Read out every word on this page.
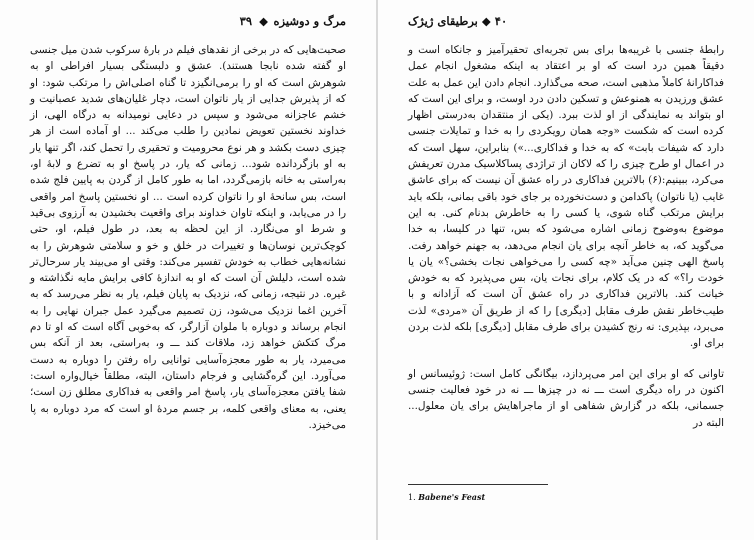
مرگ و دوشیزه
◆
۳۹

صحبت‌هایی که در برخی از نقدهای فیلم در بارهٔ سرکوب شدن میل جنسی او گفته شده نابجا هستند). عشق و دلبستگی بسیار افراطی او به شوهرش است که او را برمی‌انگیزد تا گناه اصلی‌اش را مرتکب شود: او که از پذیرش جدایی از یار ناتوان است، دچار غلیان‌های شدید عصبانیت و خشم عاجزانه می‌شود و سپس در دعایی نومیدانه به درگاه الهی، از خداوند نخستین تعویض نمادین را طلب می‌کند ... او آماده است از هر چیزی دست بکشد و هر نوع محرومیت و تحقیری را تحمل کند، اگر تنها یار به او بازگردانده شود... زمانی که یار، در پاسخ او به تضرع و لابهٔ او، به‌راستی به خانه بازمی‌گردد، اما به طور کامل از گردن به پایین فلج شده است، بس سانحهٔ او را ناتوان کرده است ... او نخستین پاسخ امر واقعی را در می‌یابد، و اینکه تاوان خداوند برای واقعیت بخشیدن به آرزوی بی‌قید و شرط او می‌نگارد. از این لحظه به بعد، در طول فیلم، او، حتی کوچک‌ترین نوسان‌ها و تغییرات در خلق و خو و سلامتی شوهرش را به نشانه‌هایی خطاب به خودش تفسیر می‌کند: وقتی او می‌بیند یار سرحال‌تر شده است، دلیلش آن است که او به اندازهٔ کافی برایش مایه نگذاشته و غیره. در نتیجه، زمانی که، نزدیک به پایان فیلم، یار به نظر می‌رسد که به آخرین اغما نزدیک می‌شود، زن تصمیم می‌گیرد عمل جبران نهایی را به انجام برساند و دوباره با ملوان آزارگر، که به‌خوبی آگاه است که او تا دم مرگ کتکش خواهد زد، ملاقات کند ـــ و، به‌راستی، بعد از آنکه بس می‌میرد، یار به طور معجزه‌آسایی توانایی راه رفتن را دوباره به دست می‌آورد. این گره‌گشایی و فرجام داستان، البته، مطلقاً خیال‌واره است: شفا یافتن معجزه‌آسای یار، پاسخ امر واقعی به فداکاری مطلق زن است؛ یعنی، به معنای واقعی کلمه، بر جسم مردهٔ او است که مرد دوباره به پا می‌خیزد.

۴۰ ◆ برطیقای ژیژک

رابطهٔ جنسی با غریبه‌ها برای بس تجربه‌ای تحقیرآمیز و جانکاه است و دقیقاً همین درد است که او بر اعتقاد به اینکه مشغول انجام عمل فداکارانهٔ کاملاً مذهبی است، صحه می‌گذارد. انجام دادن این عمل به علت عشق ورزیدن به همنوعش و تسکین دادن درد اوست، و برای این است که او بتواند به نمایندگی از او لذت ببرد. (یکی از منتقدان به‌درستی اظهار کرده است که شکست «وجه همان رویکردی را به خدا و تمایلات جنسی دارد که شیفات بابت» که به خدا و فداکاری‌...») بنابراین، سهل است که در اعمال او طرح چیزی را که لاکان از تراژدی پساکلاسیک مدرن تعریفش می‌کرد، ببینیم:(۶) بالاترین فداکاری در راه عشق آن نیست که برای عاشق غایب (یا ناتوان) پاکدامن و دست‌نخورده بر جای خود باقی بمانی، بلکه باید برایش مرتکب گناه شوی، یا کسی را به خاطرش بدنام کنی. به این موضوع به‌وضوح زمانی اشاره می‌شود که بس، تنها در کلیسا، به خدا می‌گوید که، به خاطر آنچه برای یان انجام می‌دهد، به جهنم خواهد رفت. پاسخ الهی چنین می‌آید «چه کسی را می‌خواهی نجات بخشی؟» یان یا خودت را؟» که در یک کلام، برای نجات یان، بس می‌پذیرد که به خودش خیانت کند. بالاترین فداکاری در راه عشق آن است که آزادانه و با طیب‌خاطر نقش طرف مقابل [دیگری] را که از طریق آن «مردی» لذت می‌برد، بپذیری: نه رنج کشیدن برای طرف مقابل [دیگری] بلکه لذت بردن برای او.

تاوانی که او برای این امر می‌پردازد، بیگانگی کامل است: ژوئیسانس او اکنون در راه دیگری است ـــ نه در چیزها ـــ نه در خود فعالیت جنسی جسمانی، بلکه در گزارش شفاهی او از ماجراهایش برای یان معلول... البته در

1. Babene's Feast
